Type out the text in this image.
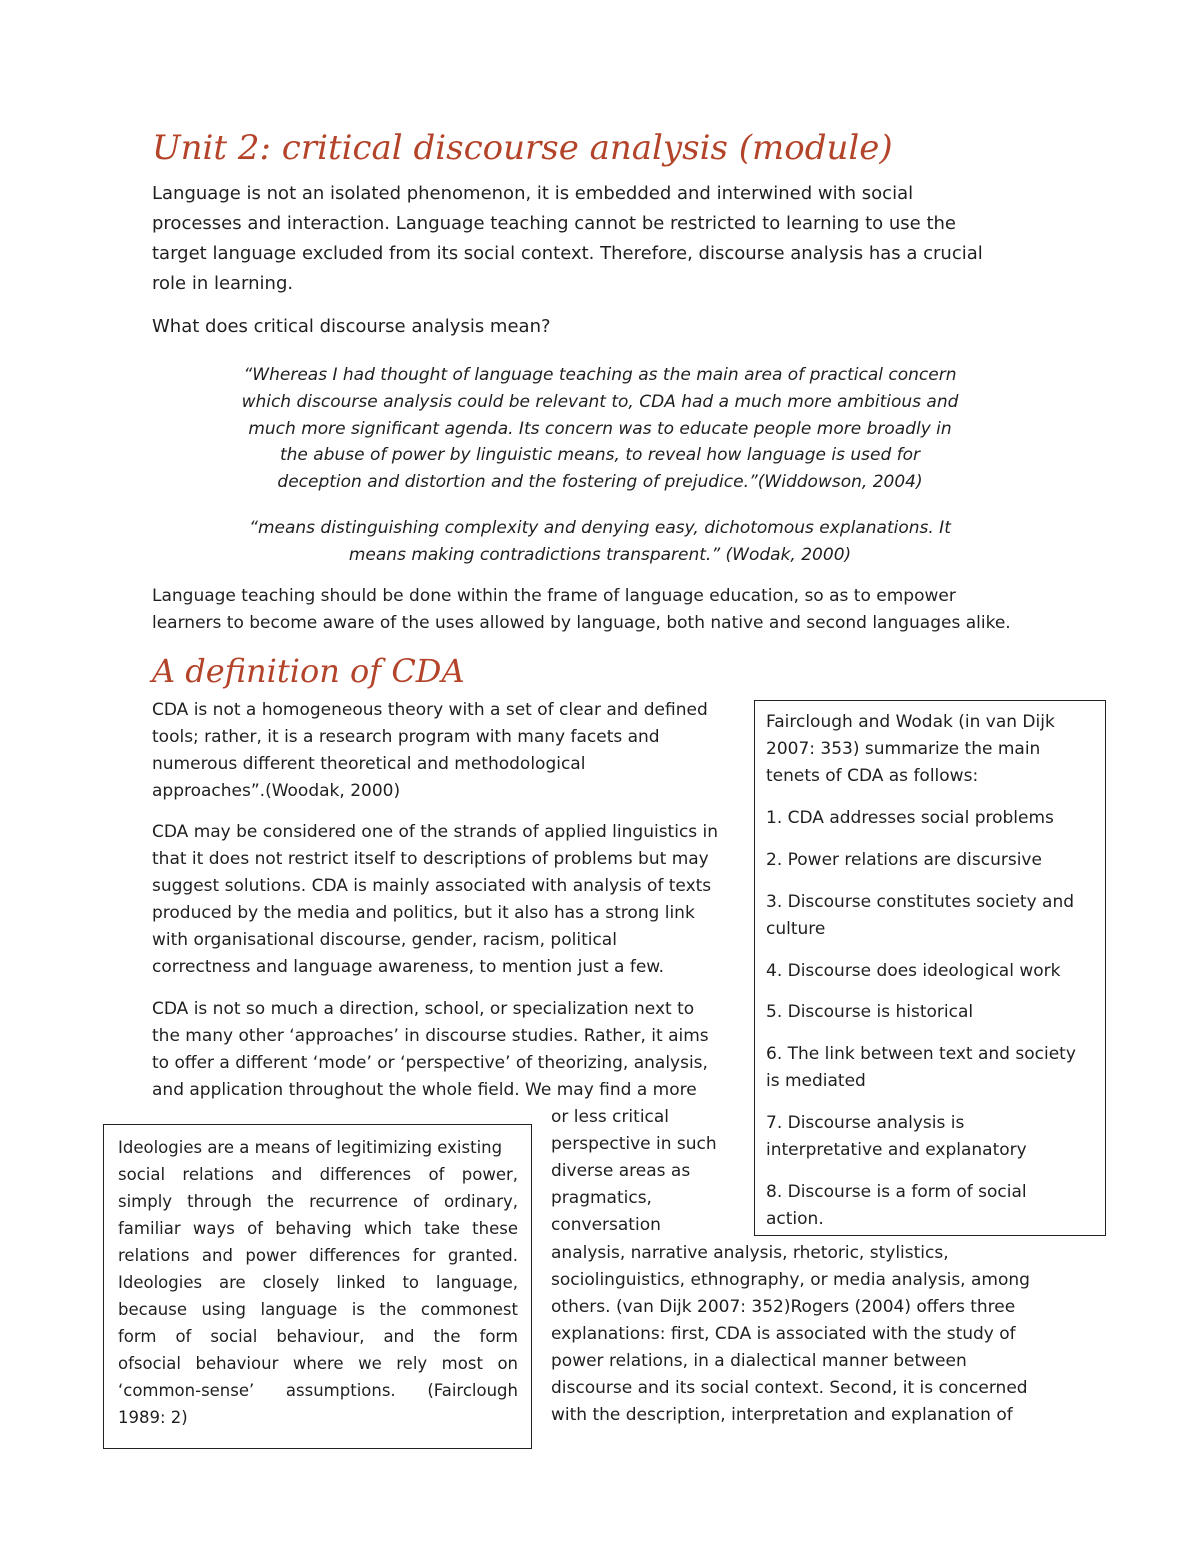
Unit 2: critical discourse analysis (module)
Language is not an isolated phenomenon, it is embedded and interwined with social
processes and interaction. Language teaching cannot be restricted to learning to use the
target language excluded from its social context. Therefore, discourse analysis has a crucial
role in learning.
What does critical discourse analysis mean?
“Whereas I had thought of language teaching as the main area of practical concern
which discourse analysis could be relevant to, CDA had a much more ambitious and
much more significant agenda. Its concern was to educate people more broadly in
the abuse of power by linguistic means, to reveal how language is used for
deception and distortion and the fostering of prejudice.”(Widdowson, 2004)
“means distinguishing complexity and denying easy, dichotomous explanations. It
means making contradictions transparent.” (Wodak, 2000)
Language teaching should be done within the frame of language education, so as to empower
learners to become aware of the uses allowed by language, both native and second languages alike.
A definition of CDA
CDA is not a homogeneous theory with a set of clear and defined
tools; rather, it is a research program with many facets and
numerous different theoretical and methodological
approaches”.(Woodak, 2000)
CDA may be considered one of the strands of applied linguistics in
that it does not restrict itself to descriptions of problems but may
suggest solutions. CDA is mainly associated with analysis of texts
produced by the media and politics, but it also has a strong link
with organisational discourse, gender, racism, political
correctness and language awareness, to mention just a few.
CDA is not so much a direction, school, or specialization next to
the many other ‘approaches’ in discourse studies. Rather, it aims
to offer a different ‘mode’ or ‘perspective’ of theorizing, analysis,
and application throughout the whole field. We may find a more
or less critical
perspective in such
diverse areas as
pragmatics,
conversation
analysis, narrative analysis, rhetoric, stylistics,
sociolinguistics, ethnography, or media analysis, among
others. (van Dijk 2007: 352)Rogers (2004) offers three
explanations: first, CDA is associated with the study of
power relations, in a dialectical manner between
discourse and its social context. Second, it is concerned
with the description, interpretation and explanation of
Fairclough and Wodak (in van Dijk
2007: 353) summarize the main
tenets of CDA as follows:
1. CDA addresses social problems
2. Power relations are discursive
3. Discourse constitutes society and
culture
4. Discourse does ideological work
5. Discourse is historical
6. The link between text and society
is mediated
7. Discourse analysis is
interpretative and explanatory
8. Discourse is a form of social
action.
Ideologies are a means of legitimizing existing
social relations and differences of power,
simply through the recurrence of ordinary,
familiar ways of behaving which take these
relations and power differences for granted.
Ideologies are closely linked to language,
because using language is the commonest
form of social behaviour, and the form
ofsocial behaviour where we rely most on
‘common-sense’ assumptions. (Fairclough
1989: 2)
